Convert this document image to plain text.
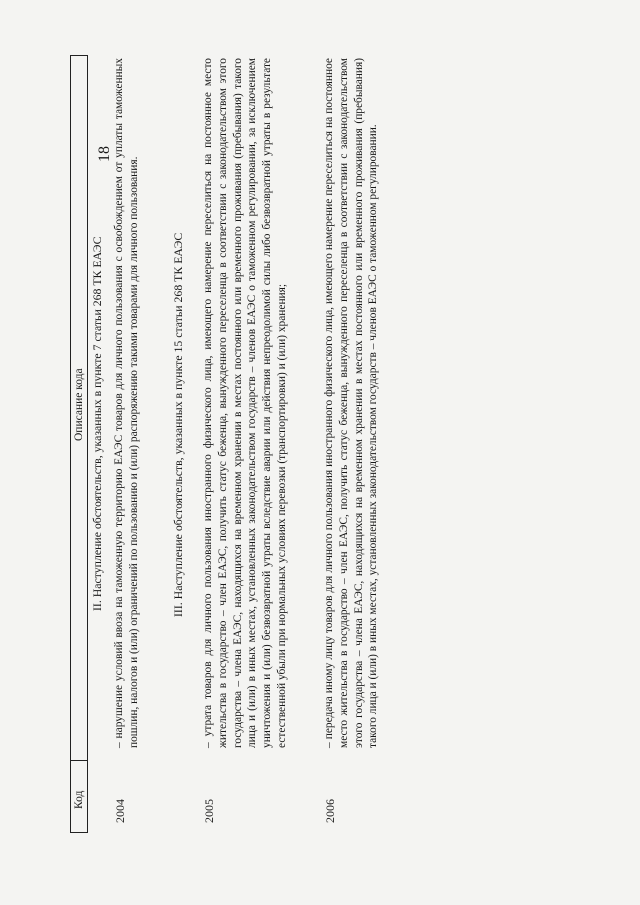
18
Код
Описание кода II. Наступление обстоятельств, указанных в пункте 7 статьи 268 ТК ЕАЭС
2004
– нарушение условий ввоза на таможенную территорию ЕАЭС товаров для личного пользования с освобождением от уплаты таможенных пошлин, налогов и (или) ограничений по пользованию и (или) распоряжению такими товарами для личного пользования.	III. Наступление обстоятельств, указанных в пункте 15 статьи 268 ТК ЕАЭС
2005
– утрата товаров для личного пользования иностранного физического лица, имеющего намерение переселиться на постоянное место жительства в государство – член ЕАЭС, получить статус беженца, вынужденного переселенца в соответствии с законодательством этого государства – члена ЕАЭС, находящихся на временном хранении в местах постоянного или временного проживания (пребывания) такого лица и (или) в иных местах, установленных законодательством государств – членов ЕАЭС о таможенном регулировании, за исключением уничтожения и (или) безвозвратной утраты вследствие аварии или действия непреодолимой силы либо безвозвратной утраты в результате естественной убыли при нормальных условиях перевозки (транспортировки) и (или) хранения;
2006
– передача иному лицу товаров для личного пользования иностранного физического лица, имеющего намерение переселиться на постоянное место жительства в государство – член ЕАЭС, получить статус беженца, вынужденного переселенца в соответствии с законодательством этого государства – члена ЕАЭС, находящихся на временном хранении в местах постоянного или временного проживания (пребывания) такого лица и (или) в иных местах, установленных законодательством государств – членов ЕАЭС о таможенном регулировании.
